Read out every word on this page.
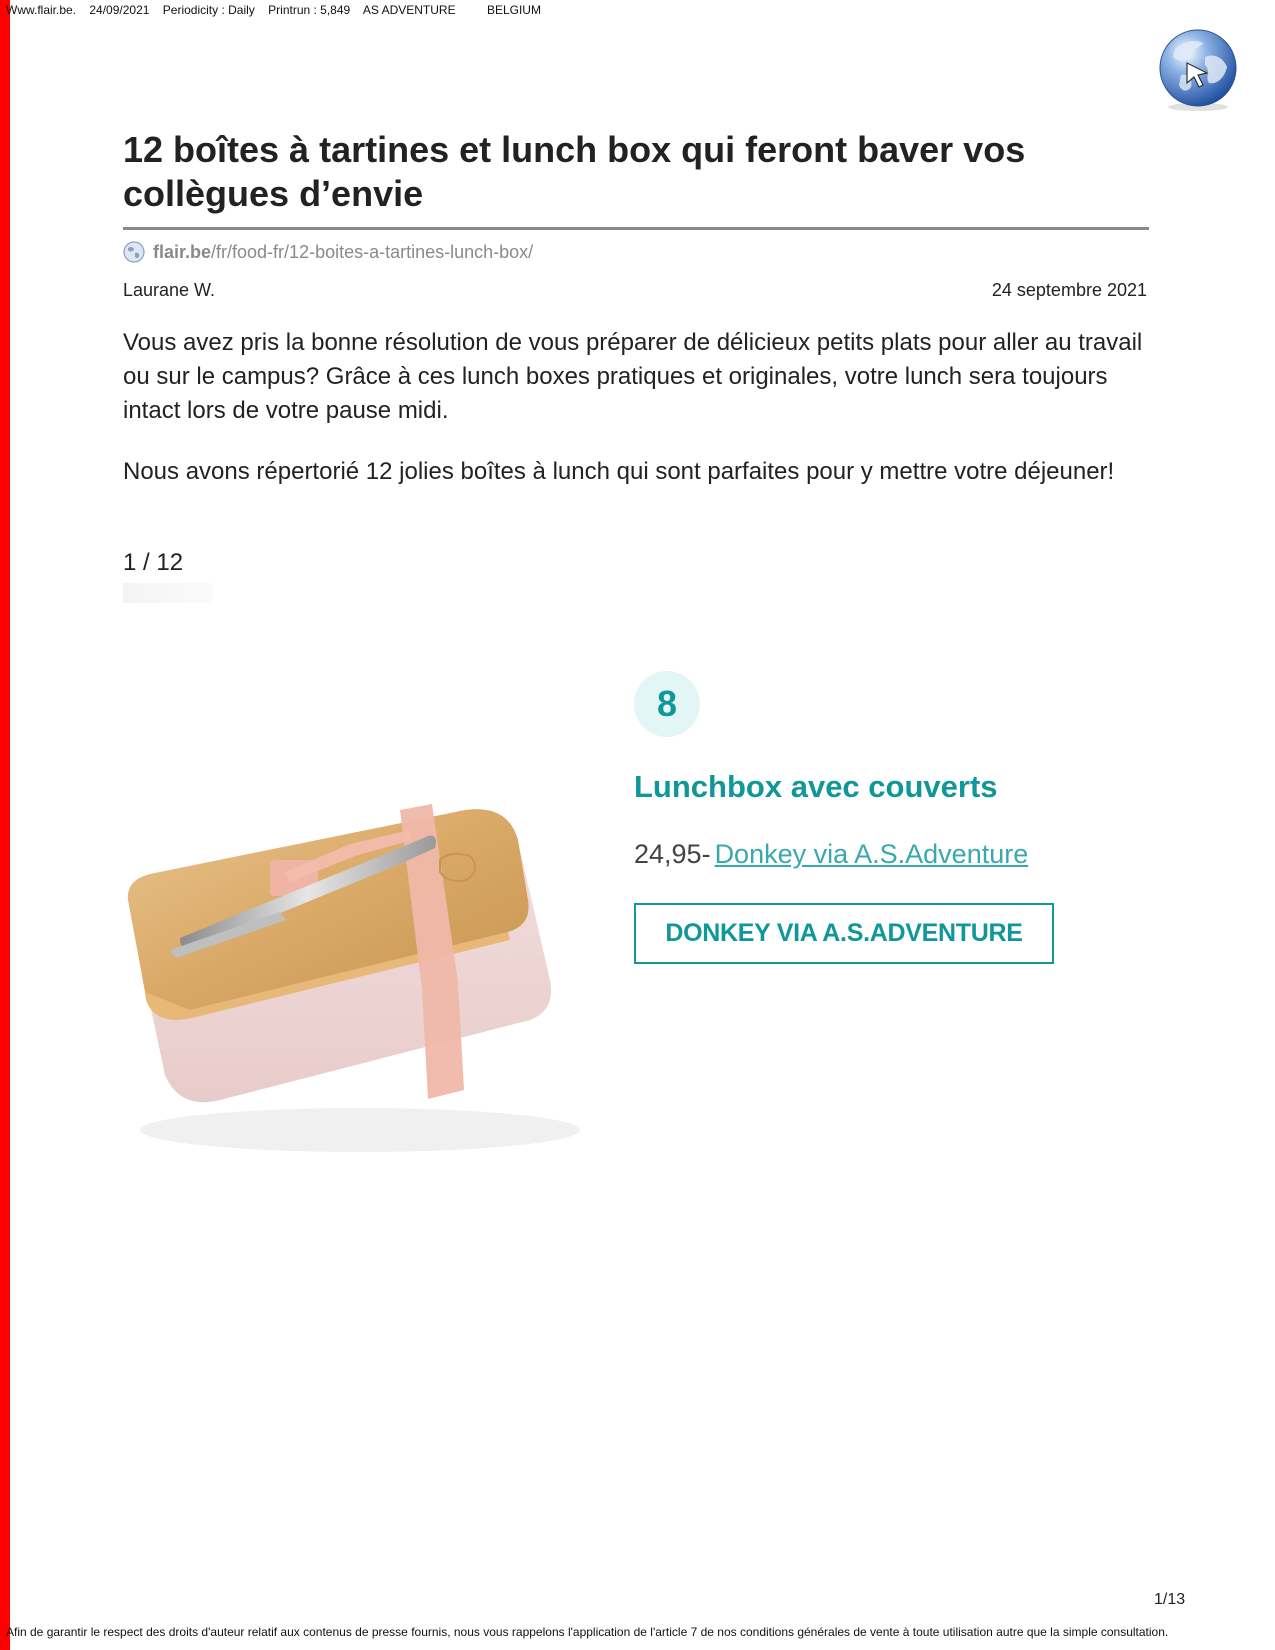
Www.flair.be. 24/09/2021 Periodicity : Daily Printrun : 5,849 AS ADVENTURE	BELGIUM
12 boîtes à tartines et lunch box qui feront baver vos collègues d’envie
flair.be /fr/food-fr/12-boites-a-tartines-lunch-box/
Laurane W.	24 septembre 2021

Vous avez pris la bonne résolution de vous préparer de délicieux petits plats pour aller au travail ou sur le campus? Grâce à ces lunch boxes pratiques et originales, votre lunch sera toujours intact lors de votre pause midi.

Nous avons répertorié 12 jolies boîtes à lunch qui sont parfaites pour y mettre votre déjeuner!

1 / 12
8
Lunchbox avec couverts
24,95- Donkey via A.S.Adventure
DONKEY VIA A.S.ADVENTURE
1/13
Afin de garantir le respect des droits d'auteur relatif aux contenus de presse fournis, nous vous rappelons l'application de l'article 7 de nos conditions générales de vente à toute utilisation autre que la simple consultation.
